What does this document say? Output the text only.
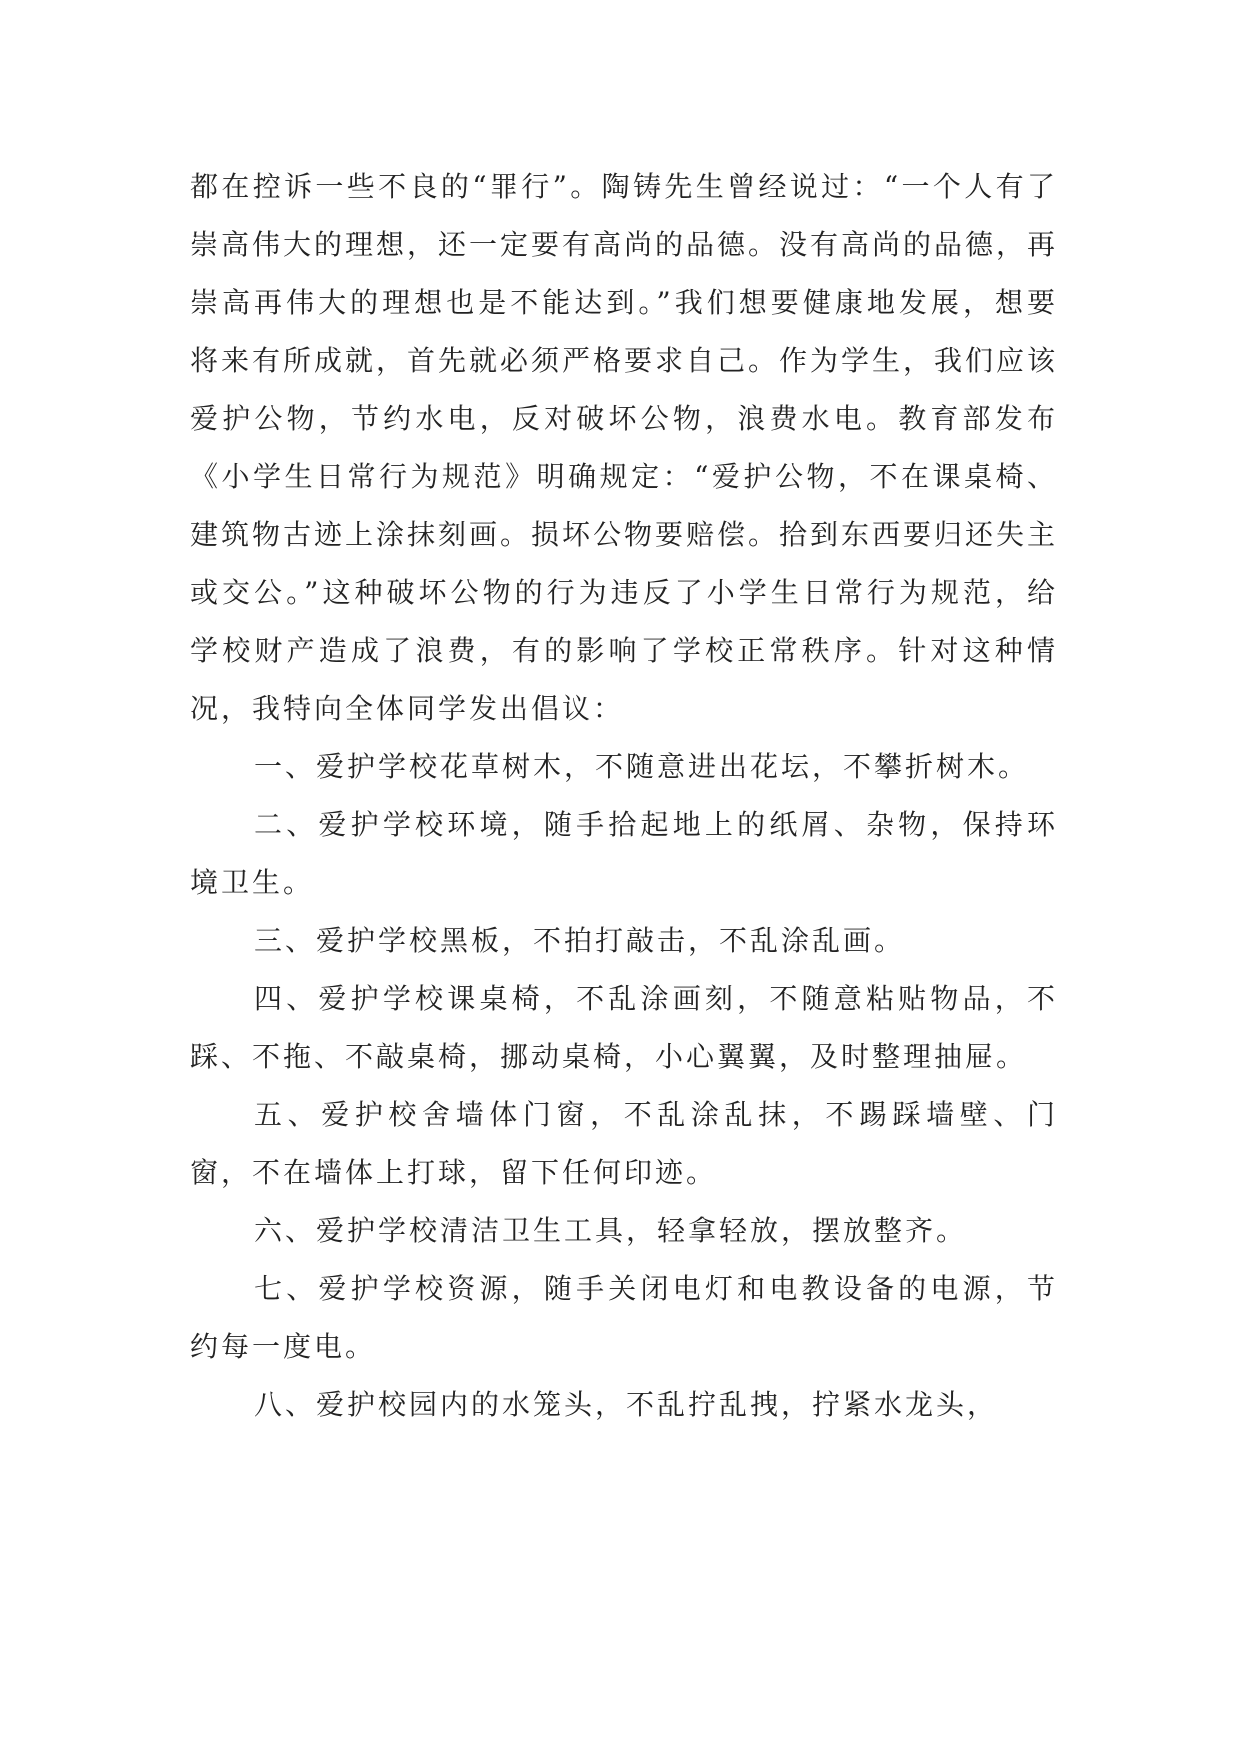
都在控诉一些不良的“罪行”。陶铸先生曾经说过：“一个人有了崇高伟大的理想，还一定要有高尚的品德。没有高尚的品德，再崇高再伟大的理想也是不能达到。”我们想要健康地发展，想要将来有所成就，首先就必须严格要求自己。作为学生，我们应该爱护公物，节约水电，反对破坏公物，浪费水电。教育部发布《小学生日常行为规范》明确规定：“爱护公物，不在课桌椅、建筑物古迹上涂抹刻画。损坏公物要赔偿。拾到东西要归还失主或交公。”这种破坏公物的行为违反了小学生日常行为规范，给学校财产造成了浪费，有的影响了学校正常秩序。针对这种情况，我特向全体同学发出倡议：

一、爱护学校花草树木，不随意进出花坛，不攀折树木。

二、爱护学校环境，随手拾起地上的纸屑、杂物，保持环境卫生。

三、爱护学校黑板，不拍打敲击，不乱涂乱画。

四、爱护学校课桌椅，不乱涂画刻，不随意粘贴物品，不踩、不拖、不敲桌椅，挪动桌椅，小心翼翼，及时整理抽屉。

五、爱护校舍墙体门窗，不乱涂乱抹，不踢踩墙壁、门窗，不在墙体上打球，留下任何印迹。

六、爱护学校清洁卫生工具，轻拿轻放，摆放整齐。

七、爱护学校资源，随手关闭电灯和电教设备的电源，节约每一度电。

八、爱护校园内的水笼头，不乱拧乱拽，拧紧水龙头，
